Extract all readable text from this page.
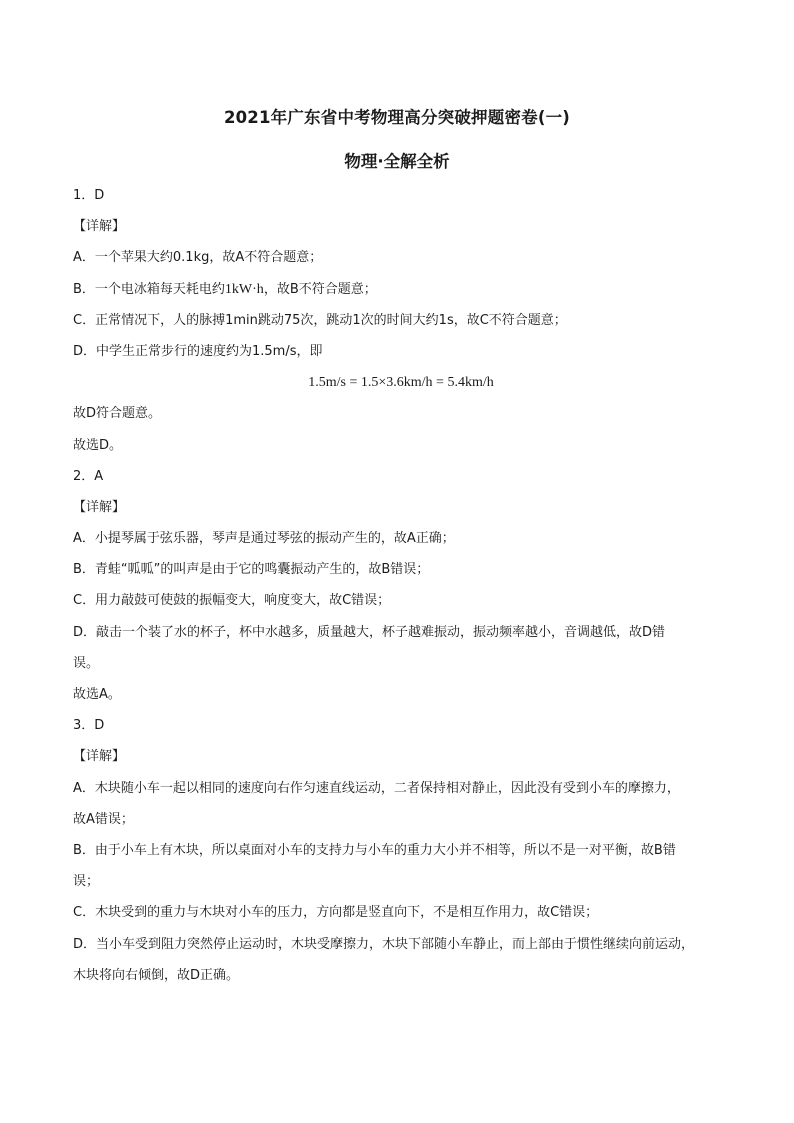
2021年广东省中考物理高分突破押题密卷(一)
物理·全解全析
1．D
【详解】
A．一个苹果大约0.1kg，故A不符合题意；
B．一个电冰箱每天耗电约1kW·h，故B不符合题意；
C．正常情况下，人的脉搏1min跳动75次，跳动1次的时间大约1s，故C不符合题意；
D．中学生正常步行的速度约为1.5m/s，即
1.5m/s = 1.5×3.6km/h = 5.4km/h
故D符合题意。
故选D。
2．A
【详解】
A．小提琴属于弦乐器，琴声是通过琴弦的振动产生的，故A正确；
B．青蛙“呱呱”的叫声是由于它的鸣囊振动产生的，故B错误；
C．用力敲鼓可使鼓的振幅变大，响度变大，故C错误；
D．敲击一个装了水的杯子，杯中水越多，质量越大，杯子越难振动，振动频率越小，音调越低，故D错
误。
故选A。
3．D
【详解】
A．木块随小车一起以相同的速度向右作匀速直线运动，二者保持相对静止，因此没有受到小车的摩擦力，
故A错误；
B．由于小车上有木块，所以桌面对小车的支持力与小车的重力大小并不相等，所以不是一对平衡，故B错
误；
C．木块受到的重力与木块对小车的压力，方向都是竖直向下，不是相互作用力，故C错误；
D．当小车受到阻力突然停止运动时，木块受摩擦力，木块下部随小车静止，而上部由于惯性继续向前运动，
木块将向右倾倒，故D正确。
